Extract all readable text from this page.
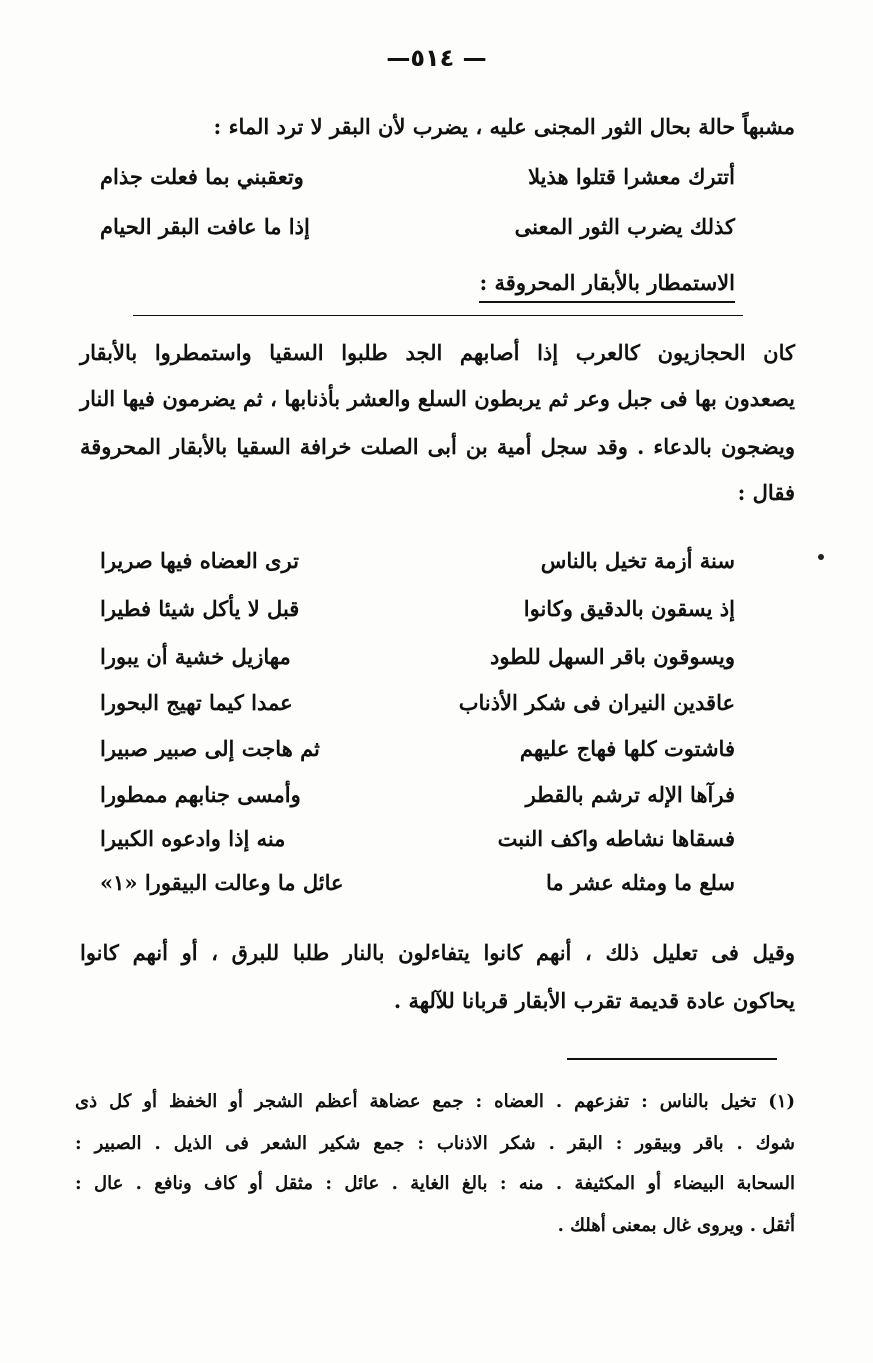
—٥١٤ —
مشبهاً حالة بحال الثور المجنى عليه ، يضرب لأن البقر لا ترد الماء :
أتترك معشرا قتلوا هذيلا
وتعقبني بما فعلت جذام
كذلك يضرب الثور المعنى
إذا ما عافت البقر الحيام
الاستمطار بالأبقار المحروقة :
كان الحجازيون كالعرب إذا أصابهم الجد طلبوا السقيا واستمطروا بالأبقار
يصعدون بها فى جبل وعر ثم يربطون السلع والعشر بأذنابها ، ثم يضرمون فيها النار
ويضجون بالدعاء . وقد سجل أمية بن أبى الصلت خرافة السقيا بالأبقار المحروقة
فقال :
سنة أزمة تخيل بالناس
ترى العضاه فيها صريرا
إذ يسقون بالدقيق وكانوا
قبل لا يأكل شيئا فطيرا
ويسوقون باقر السهل للطود
مهازيل خشية أن يبورا
عاقدين النيران فى شكر الأذناب
عمدا كيما تهيج البحورا
فاشتوت كلها فهاج عليهم
ثم هاجت إلى صبير صبيرا
فرآها الإله ترشم بالقطر
وأمسى جنابهم ممطورا
فسقاها نشاطه واكف النبت
منه إذا وادعوه الكبيرا
سلع ما ومثله عشر ما
عائل ما وعالت البيقورا «١»
وقيل فى تعليل ذلك ، أنهم كانوا يتفاءلون بالنار طلبا للبرق ، أو أنهم كانوا
يحاكون عادة قديمة تقرب الأبقار قربانا للآلهة .
(١) تخيل بالناس : تفزعهم . العضاه : جمع عضاهة أعظم الشجر أو الخفظ أو كل ذى
شوك . باقر وبيقور : البقر . شكر الاذناب : جمع شكير الشعر فى الذيل . الصبير :
السحابة البيضاء أو المكثيفة . منه : بالغ الغاية . عائل : مثقل أو كاف ونافع . عال :
أثقل . ويروى غال بمعنى أهلك .
